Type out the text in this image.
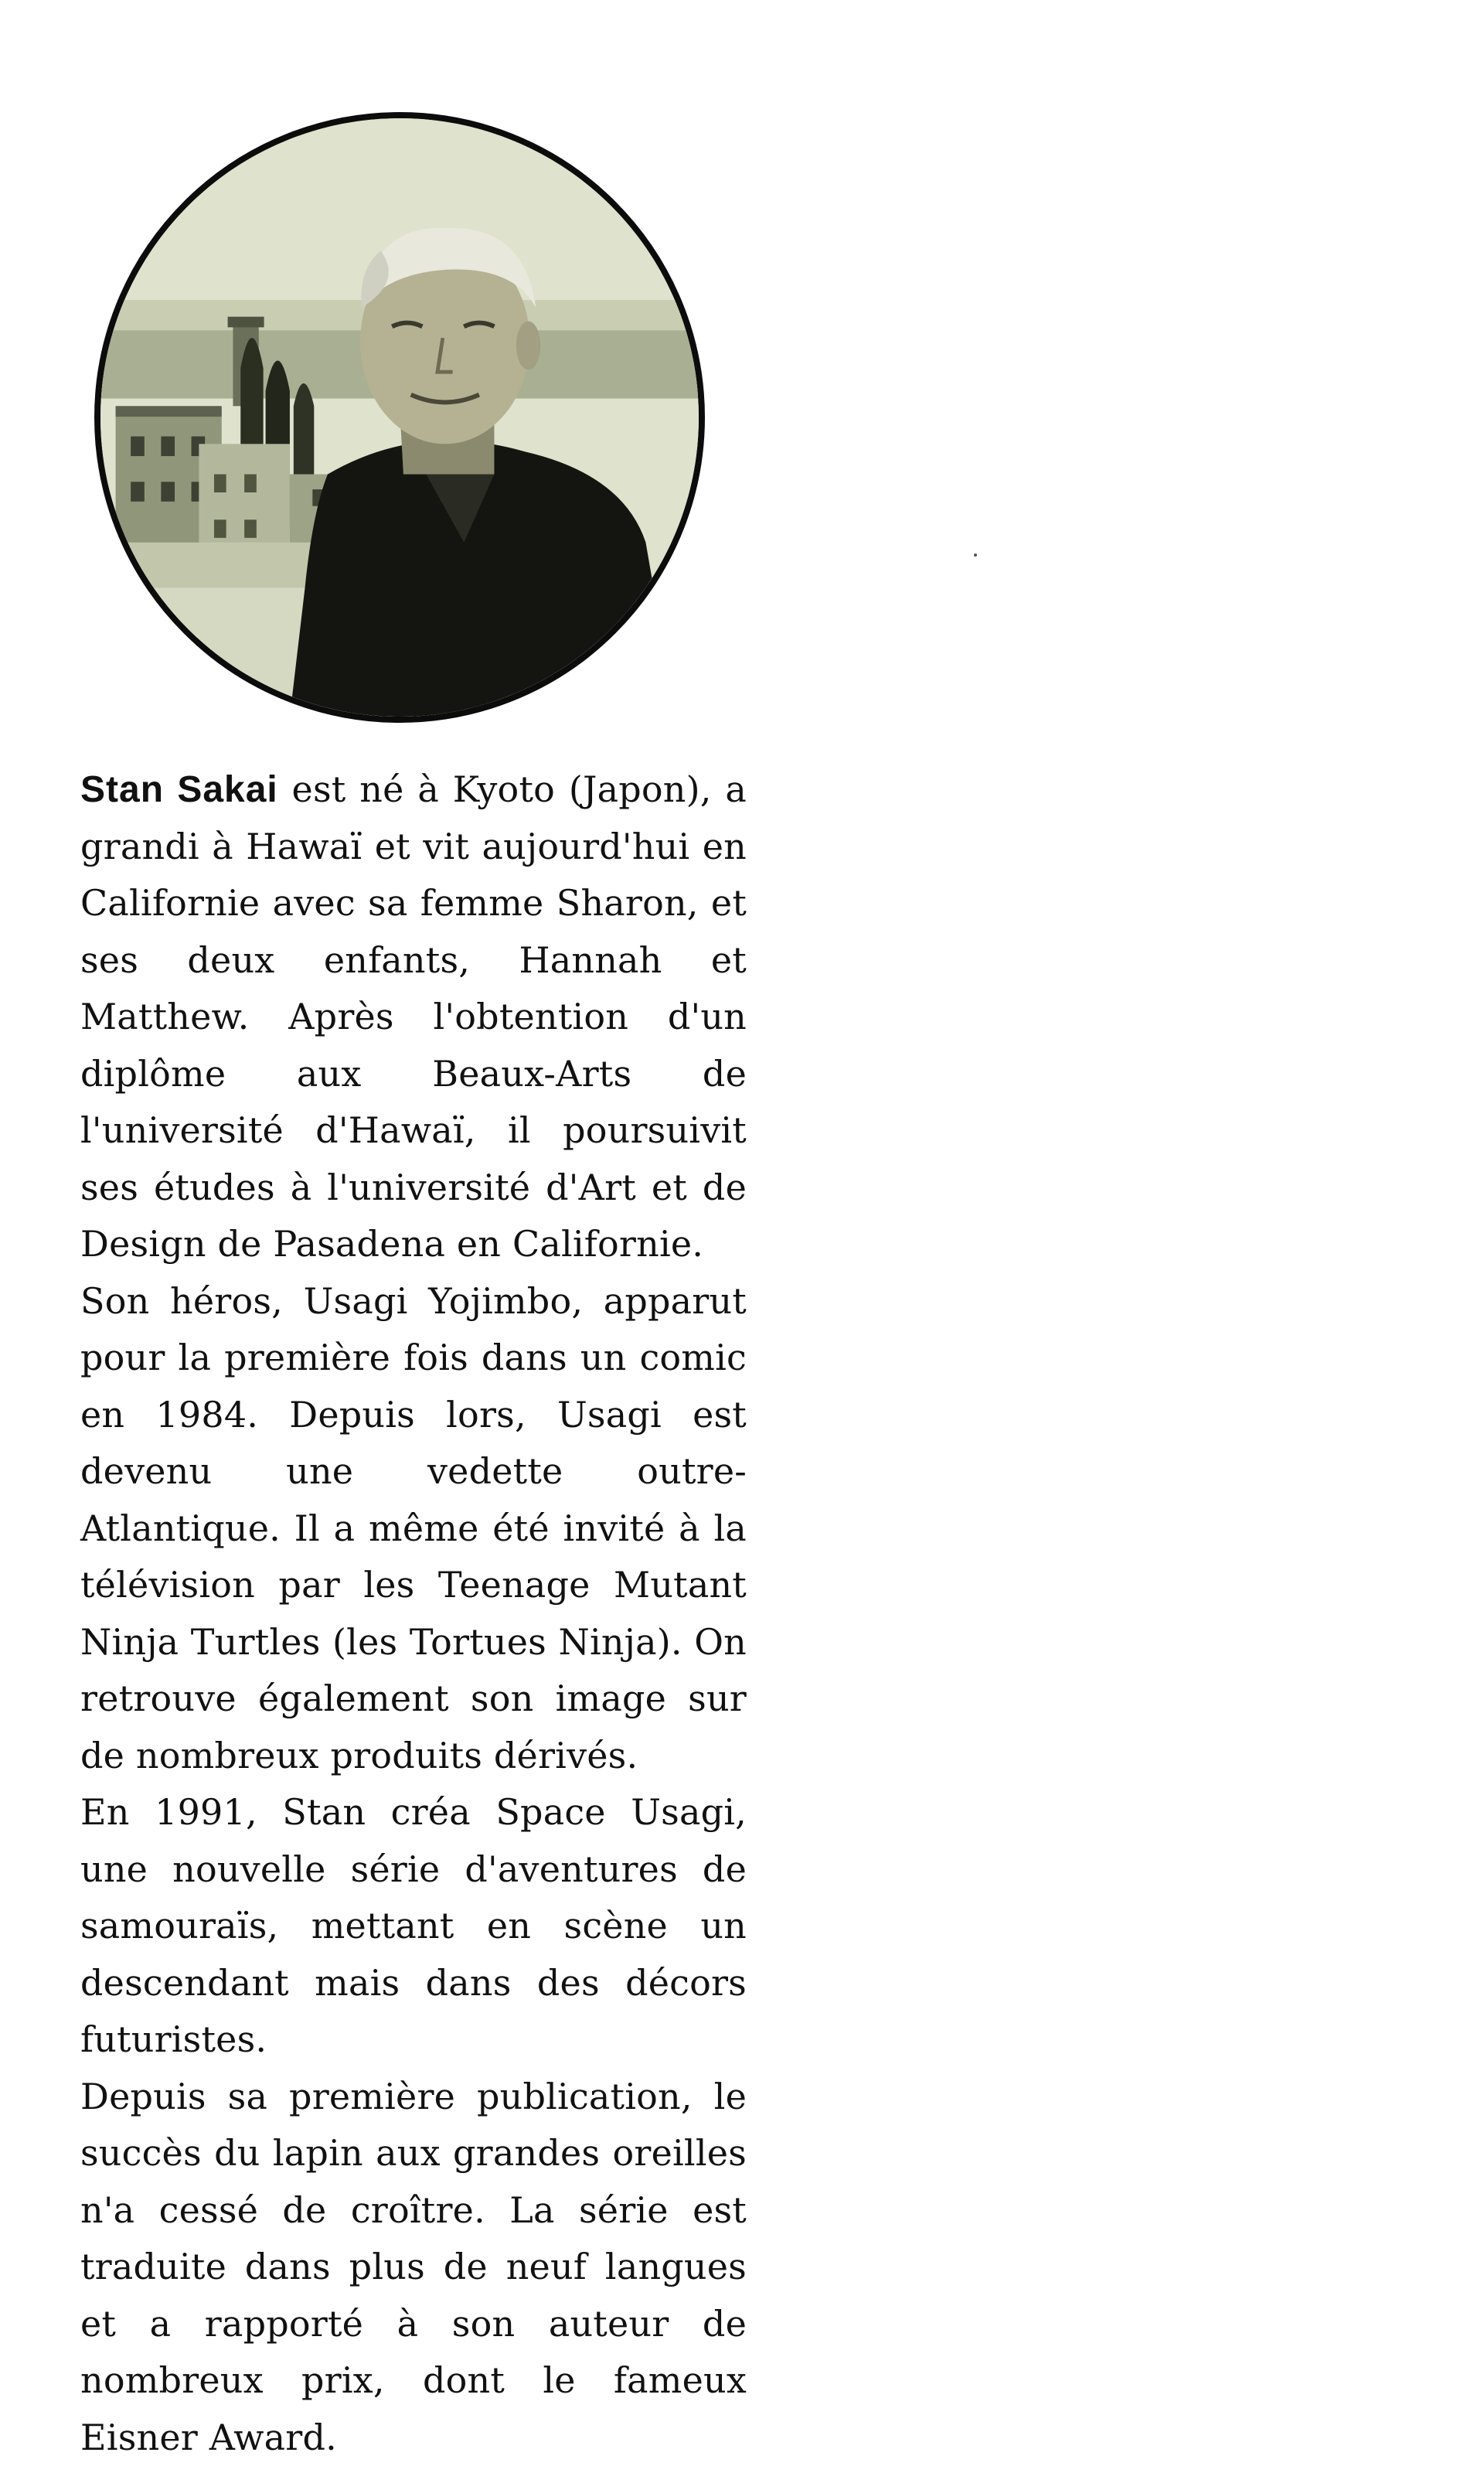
Stan Sakai est né à Kyoto (Japon), a grandi à Hawaï et vit aujourd'hui en Californie avec sa femme Sharon, et ses deux enfants, Hannah et Matthew. Après l'obtention d'un diplôme aux Beaux-Arts de l'université d'Hawaï, il poursuivit ses études à l'université d'Art et de Design de Pasadena en Californie.

Son héros, Usagi Yojimbo, apparut pour la première fois dans un comic en 1984. Depuis lors, Usagi est devenu une vedette outre-Atlantique. Il a même été invité à la télévision par les Teenage Mutant Ninja Turtles (les Tortues Ninja). On retrouve également son image sur de nombreux produits dérivés.

En 1991, Stan créa Space Usagi, une nouvelle série d'aventures de samouraïs, mettant en scène un descendant mais dans des décors futuristes.

Depuis sa première publication, le succès du lapin aux grandes oreilles n'a cessé de croître. La série est traduite dans plus de neuf langues et a rapporté à son auteur de nombreux prix, dont le fameux Eisner Award.
